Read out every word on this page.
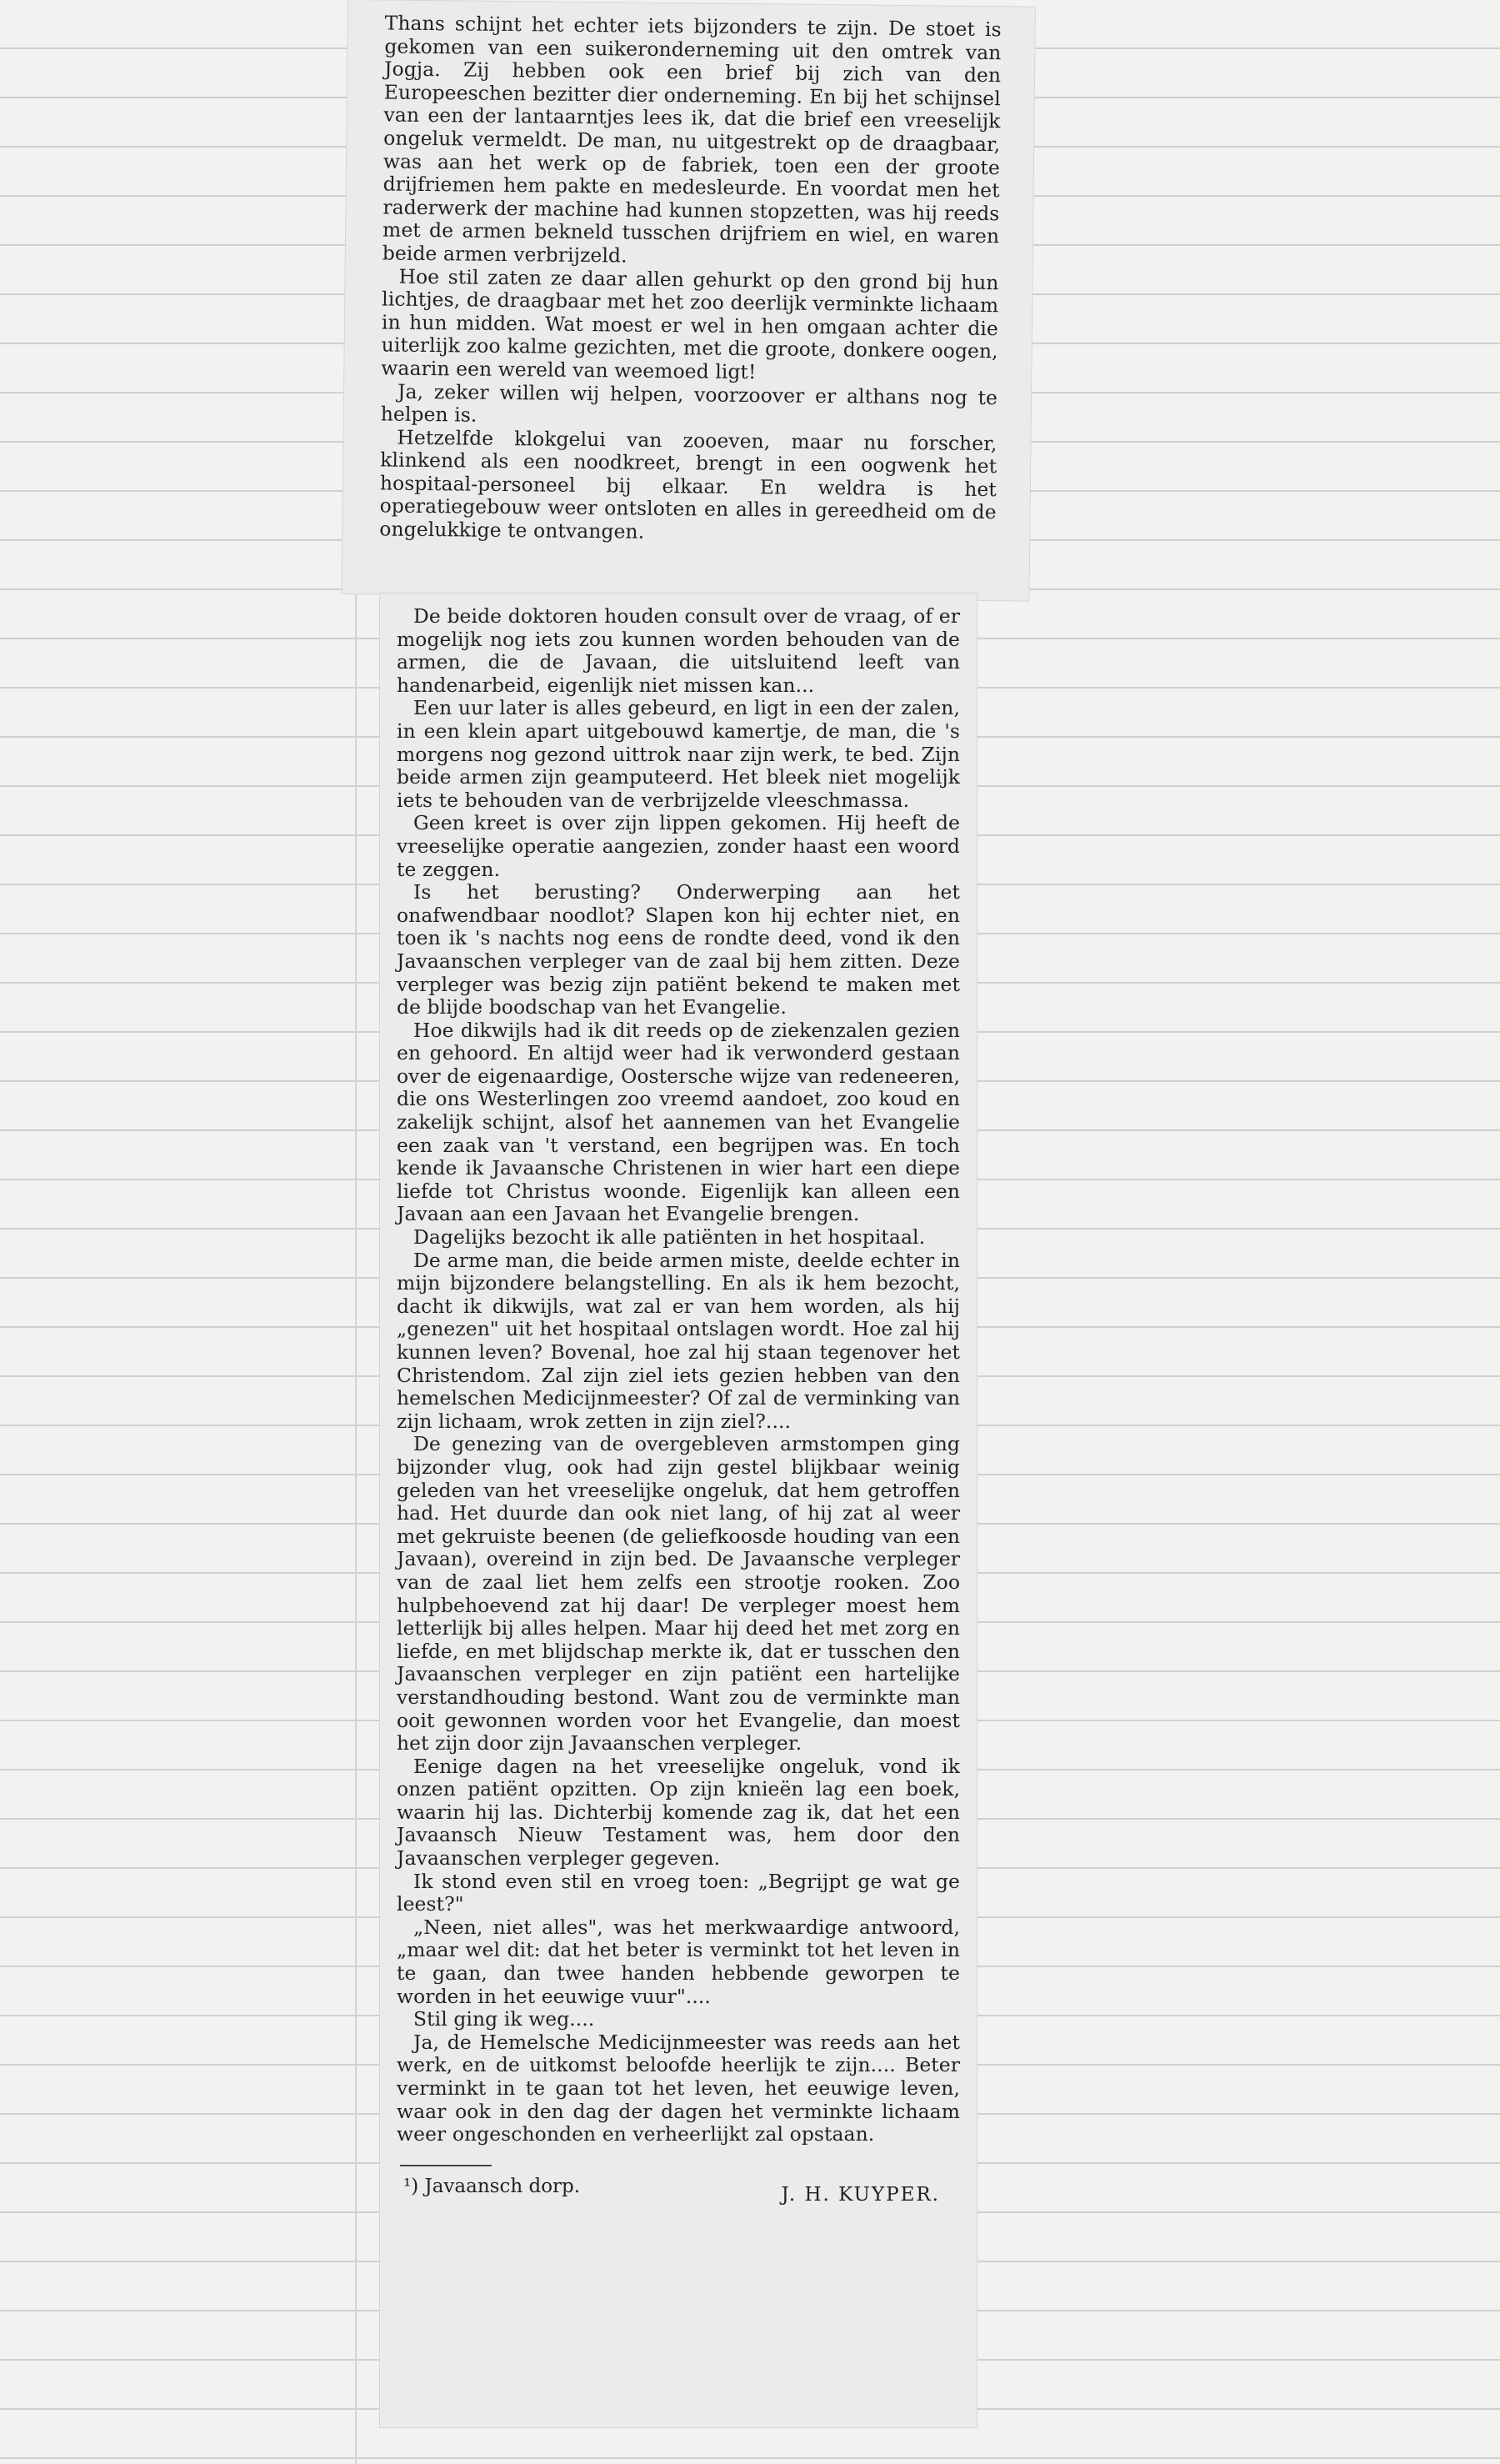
Thans schijnt het echter iets bijzonders te zijn. De stoet is gekomen van een suikeronderneming uit den omtrek van Jogja. Zij hebben ook een brief bij zich van den Europeeschen bezitter dier onderneming. En bij het schijnsel van een der lantaarntjes lees ik, dat die brief een vreeselijk ongeluk vermeldt. De man, nu uitgestrekt op de draagbaar, was aan het werk op de fabriek, toen een der groote drijfriemen hem pakte en medesleurde. En voordat men het raderwerk der machine had kunnen stopzetten, was hij reeds met de armen bekneld tusschen drijfriem en wiel, en waren beide armen verbrijzeld.

Hoe stil zaten ze daar allen gehurkt op den grond bij hun lichtjes, de draagbaar met het zoo deerlijk verminkte lichaam in hun midden. Wat moest er wel in hen omgaan achter die uiterlijk zoo kalme gezichten, met die groote, donkere oogen, waarin een wereld van weemoed ligt!

Ja, zeker willen wij helpen, voorzoover er althans nog te helpen is.

Hetzelfde klokgelui van zooeven, maar nu forscher, klinkend als een noodkreet, brengt in een oogwenk het hospitaal-personeel bij elkaar. En weldra is het operatiegebouw weer ontsloten en alles in gereedheid om de ongelukkige te ontvangen.

De beide doktoren houden consult over de vraag, of er mogelijk nog iets zou kunnen worden behouden van de armen, die de Javaan, die uitsluitend leeft van handenarbeid, eigenlijk niet missen kan...

Een uur later is alles gebeurd, en ligt in een der zalen, in een klein apart uitgebouwd kamertje, de man, die 's morgens nog gezond uittrok naar zijn werk, te bed. Zijn beide armen zijn geamputeerd. Het bleek niet mogelijk iets te behouden van de verbrijzelde vleeschmassa.

Geen kreet is over zijn lippen gekomen. Hij heeft de vreeselijke operatie aangezien, zonder haast een woord te zeggen.

Is het berusting? Onderwerping aan het onafwendbaar noodlot? Slapen kon hij echter niet, en toen ik 's nachts nog eens de rondte deed, vond ik den Javaanschen verpleger van de zaal bij hem zitten. Deze verpleger was bezig zijn patiënt bekend te maken met de blijde boodschap van het Evangelie.

Hoe dikwijls had ik dit reeds op de ziekenzalen gezien en gehoord. En altijd weer had ik verwonderd gestaan over de eigenaardige, Oostersche wijze van redeneeren, die ons Westerlingen zoo vreemd aandoet, zoo koud en zakelijk schijnt, alsof het aannemen van het Evangelie een zaak van 't verstand, een begrijpen was. En toch kende ik Javaansche Christenen in wier hart een diepe liefde tot Christus woonde. Eigenlijk kan alleen een Javaan aan een Javaan het Evangelie brengen.

Dagelijks bezocht ik alle patiënten in het hospitaal.

De arme man, die beide armen miste, deelde echter in mijn bijzondere belangstelling. En als ik hem bezocht, dacht ik dikwijls, wat zal er van hem worden, als hij „genezen" uit het hospitaal ontslagen wordt. Hoe zal hij kunnen leven? Bovenal, hoe zal hij staan tegenover het Christendom. Zal zijn ziel iets gezien hebben van den hemelschen Medicijnmeester? Of zal de verminking van zijn lichaam, wrok zetten in zijn ziel?....

De genezing van de overgebleven armstompen ging bijzonder vlug, ook had zijn gestel blijkbaar weinig geleden van het vreeselijke ongeluk, dat hem getroffen had. Het duurde dan ook niet lang, of hij zat al weer met gekruiste beenen (de geliefkoosde houding van een Javaan), overeind in zijn bed. De Javaansche verpleger van de zaal liet hem zelfs een strootje rooken. Zoo hulpbehoevend zat hij daar! De verpleger moest hem letterlijk bij alles helpen. Maar hij deed het met zorg en liefde, en met blijdschap merkte ik, dat er tusschen den Javaanschen verpleger en zijn patiënt een hartelijke verstandhouding bestond. Want zou de verminkte man ooit gewonnen worden voor het Evangelie, dan moest het zijn door zijn Javaanschen verpleger.

Eenige dagen na het vreeselijke ongeluk, vond ik onzen patiënt opzitten. Op zijn knieën lag een boek, waarin hij las. Dichterbij komende zag ik, dat het een Javaansch Nieuw Testament was, hem door den Javaanschen verpleger gegeven.

Ik stond even stil en vroeg toen: „Begrijpt ge wat ge leest?"

„Neen, niet alles", was het merkwaardige antwoord, „maar wel dit: dat het beter is verminkt tot het leven in te gaan, dan twee handen hebbende geworpen te worden in het eeuwige vuur"....

Stil ging ik weg....

Ja, de Hemelsche Medicijnmeester was reeds aan het werk, en de uitkomst beloofde heerlijk te zijn.... Beter verminkt in te gaan tot het leven, het eeuwige leven, waar ook in den dag der dagen het verminkte lichaam weer ongeschonden en verheerlijkt zal opstaan.

¹) Javaansch dorp.	J. H. KUYPER.
